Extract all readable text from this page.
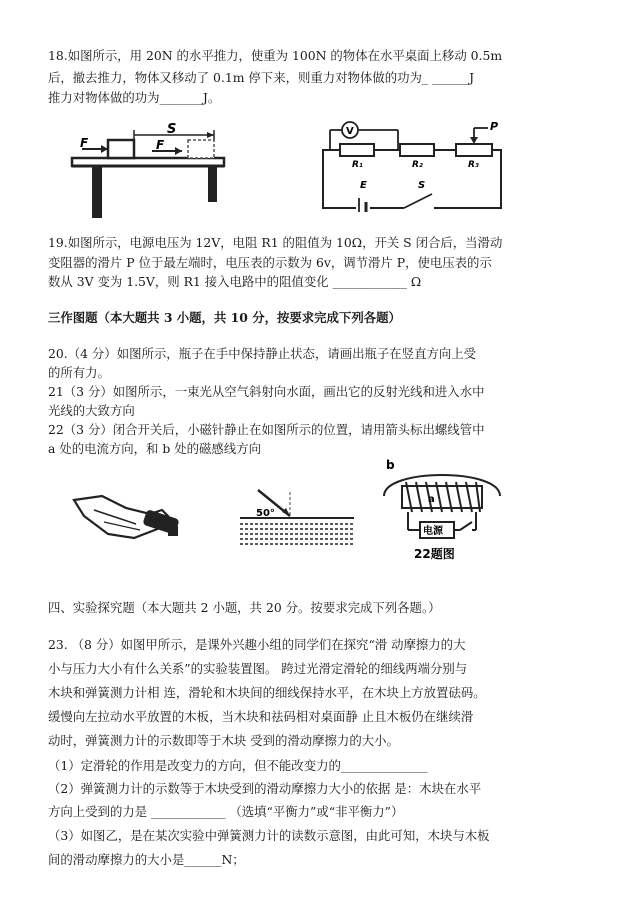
18.如图所示，用 20N 的水平推力，使重为 100N 的物体在水平桌面上移动 0.5m
后，撤去推力，物体又移动了 0.1m 停下来，则重力对物体做的功为_ ______J
推力对物体做的功为_______J。
F
S
F
V	P
R₁	R₂	R₃
E	S
19.如图所示，电源电压为 12V，电阻 R1 的阻值为 10Ω，开关 S 闭合后，当滑动
变阻器的滑片 P 位于最左端时，电压表的示数为 6v，调节滑片 P，使电压表的示
数从 3V 变为 1.5V，则 R1 接入电路中的阻值变化 ____________ Ω
三作图题（本大题共 3 小题，共 10 分，按要求完成下列各题）
20.（4 分）如图所示，瓶子在手中保持静止状态，请画出瓶子在竖直方向上受
的所有力。
21（3 分）如图所示，一束光从空气斜射向水面，画出它的反射光线和进入水中
光线的大致方向
22（3 分）闭合开关后，小磁针静止在如图所示的位置，请用箭头标出螺线管中
a 处的电流方向，和 b 处的磁感线方向
50°
b
a
电源
22题图
四、实验探究题（本大题共 2 小题，共 20 分。按要求完成下列各题。）
23. （8 分）如图甲所示，是课外兴趣小组的同学们在探究“滑 动摩擦力的大
小与压力大小有什么关系”的实验装置图。 跨过光滑定滑轮的细线两端分别与
木块和弹簧测力计相 连，滑轮和木块间的细线保持水平，在木块上方放置砝码。
缓慢向左拉动水平放置的木板，当木块和祛码相对桌面静 止且木板仍在继续滑
动时，弹簧测力计的示数即等于木块 受到的滑动摩擦力的大小。
（1）定滑轮的作用是改变力的方向，但不能改变力的______________
（2）弹簧测力计的示数等于木块受到的滑动摩擦力大小的依据 是：木块在水平
方向上受到的力是 ____________ （选填“平衡力”或“非平衡力”）
（3）如图乙，是在某次实验中弹簧测力计的读数示意图，由此可知，木块与木板
间的滑动摩擦力的大小是______N；
